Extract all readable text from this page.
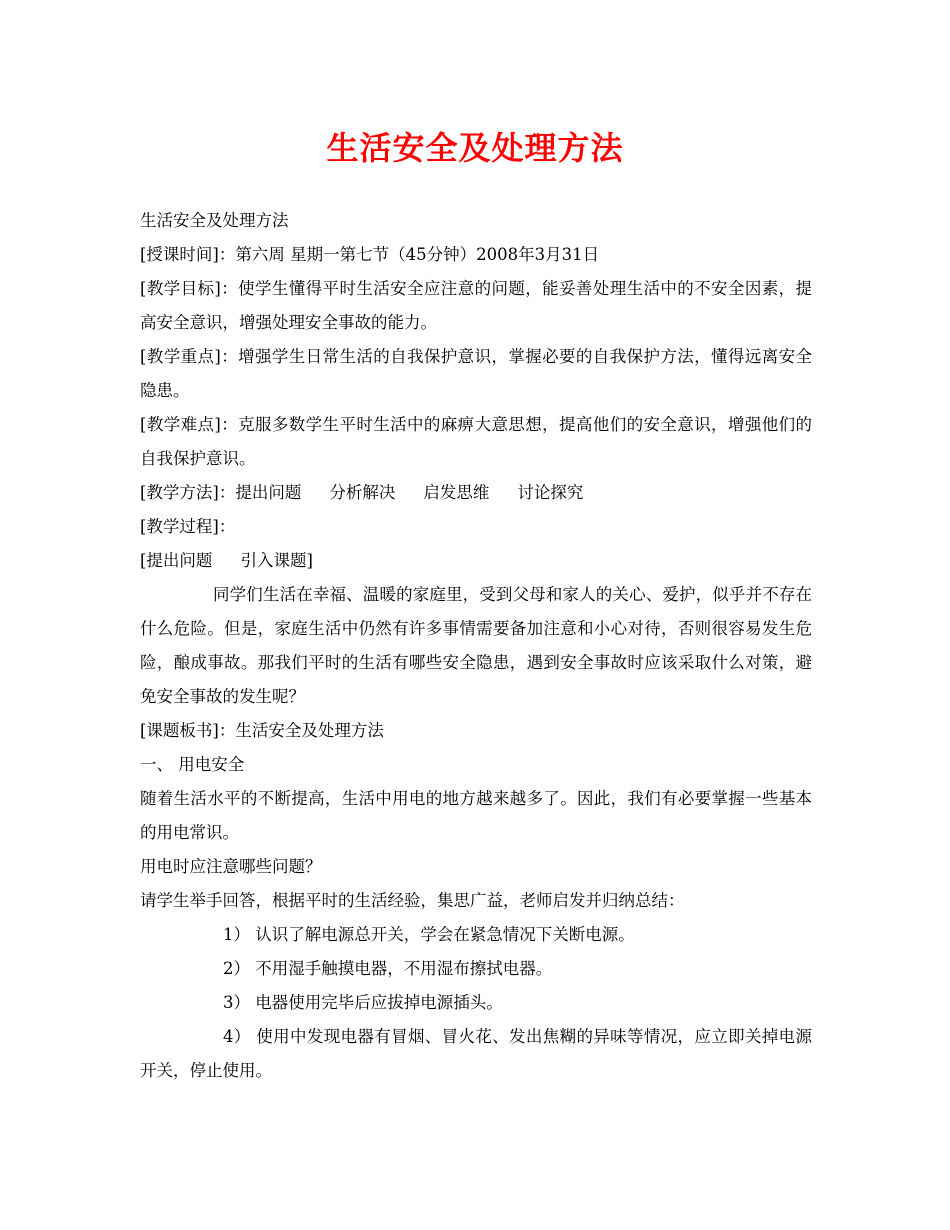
生活安全及处理方法

生活安全及处理方法

[授课时间]：第六周 星期一第七节（45分钟）2008年3月31日

[教学目标]：使学生懂得平时生活安全应注意的问题，能妥善处理生活中的不安全因素，提高安全意识，增强处理安全事故的能力。

[教学重点]：增强学生日常生活的自我保护意识，掌握必要的自我保护方法，懂得远离安全隐患。

[教学难点]：克服多数学生平时生活中的麻痹大意思想，提高他们的安全意识，增强他们的自我保护意识。

[教学方法]：提出问题 分析解决 启发思维 讨论探究

[教学过程]：

[提出问题 引入课题]

同学们生活在幸福、温暖的家庭里，受到父母和家人的关心、爱护，似乎并不存在什么危险。但是，家庭生活中仍然有许多事情需要备加注意和小心对待，否则很容易发生危险，酿成事故。那我们平时的生活有哪些安全隐患，遇到安全事故时应该采取什么对策，避免安全事故的发生呢？

[课题板书]：生活安全及处理方法

一、 用电安全

随着生活水平的不断提高，生活中用电的地方越来越多了。因此，我们有必要掌握一些基本的用电常识。

用电时应注意哪些问题？

请学生举手回答，根据平时的生活经验，集思广益，老师启发并归纳总结：

1） 认识了解电源总开关，学会在紧急情况下关断电源。

2） 不用湿手触摸电器，不用湿布擦拭电器。

3） 电器使用完毕后应拔掉电源插头。

4） 使用中发现电器有冒烟、冒火花、发出焦糊的异味等情况，应立即关掉电源开关，停止使用。
